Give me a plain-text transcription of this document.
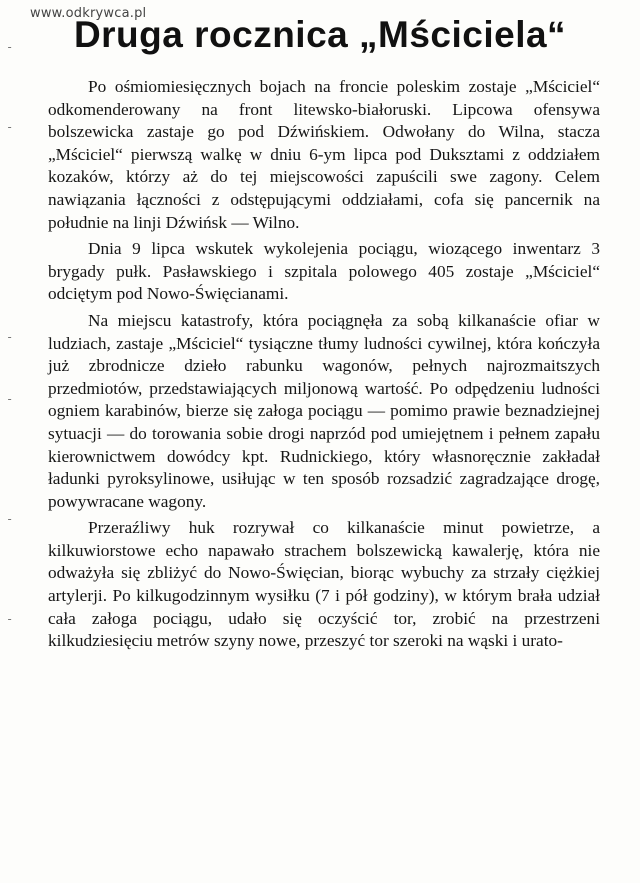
www.odkrywca.pl
-
-
-
-
-
-
Druga rocznica „Mściciela“

Po ośmiomiesięcznych bojach na froncie poleskim zostaje „Mściciel“ odkomenderowany na front litewsko-białoruski. Lipcowa ofensywa bolszewicka zastaje go pod Dźwińskiem. Odwołany do Wilna, stacza „Mściciel“ pierwszą walkę w dniu 6-ym lipca pod Duksztami z oddziałem kozaków, którzy aż do tej miejscowości zapuścili swe zagony. Celem nawiązania łączności z odstępującymi oddziałami, cofa się pancernik na południe na linji Dźwińsk — Wilno.

Dnia 9 lipca wskutek wykolejenia pociągu, wiozącego inwentarz 3 brygady pułk. Pasławskiego i szpitala polowego 405 zostaje „Mściciel“ odciętym pod Nowo-Święcianami.

Na miejscu katastrofy, która pociągnęła za sobą kilkanaście ofiar w ludziach, zastaje „Mściciel“ tysiączne tłumy ludności cywilnej, która kończyła już zbrodnicze dzieło rabunku wagonów, pełnych najrozmaitszych przedmiotów, przedstawiających miljonową wartość. Po odpędzeniu ludności ogniem karabinów, bierze się załoga pociągu — pomimo prawie beznadziejnej sytuacji — do torowania sobie drogi naprzód pod umiejętnem i pełnem zapału kierownictwem dowódcy kpt. Rudnickiego, który własnoręcznie zakładał ładunki pyroksylinowe, usiłując w ten sposób rozsadzić zagradzające drogę, powywracane wagony.

Przeraźliwy huk rozrywał co kilkanaście minut powietrze, a kilkuwiorstowe echo napawało strachem bolszewicką kawalerję, która nie odważyła się zbliżyć do Nowo-Święcian, biorąc wybuchy za strzały ciężkiej artylerji. Po kilkugodzinnym wysiłku (7 i pół godziny), w którym brała udział cała załoga pociągu, udało się oczyścić tor, zrobić na przestrzeni kilkudziesięciu metrów szyny nowe, przeszyć tor szeroki na wąski i urato-
